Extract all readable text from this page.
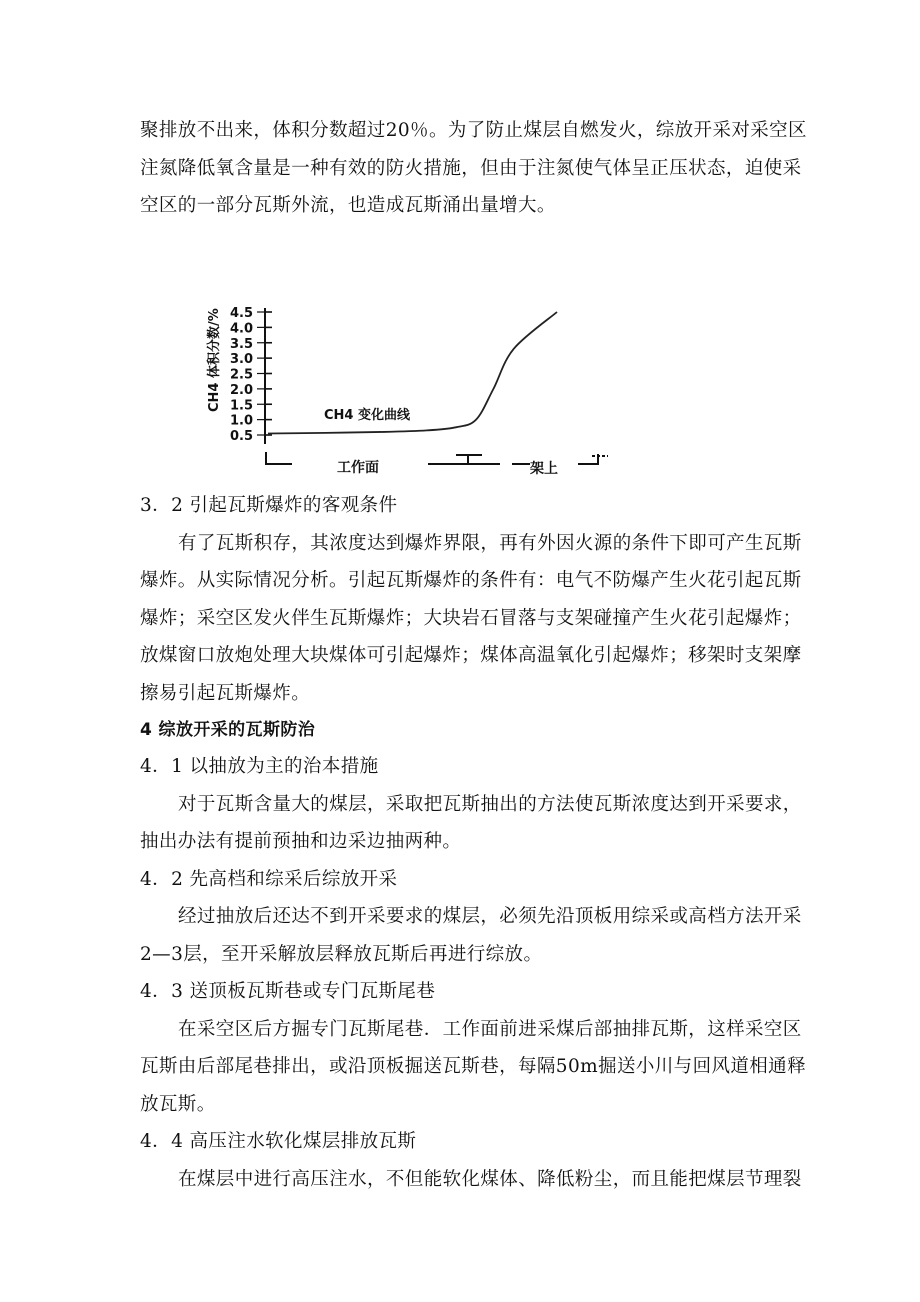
聚排放不出来，体积分数超过20％。为了防止煤层自燃发火，综放开采对采空区
注氮降低氧含量是一种有效的防火措施，但由于注氮使气体呈正压状态，迫使采
空区的一部分瓦斯外流，也造成瓦斯涌出量增大。
4.5
4.0
3.5
3.0
2.5
2.0
1.5
1.0
0.5
CH4 体积分数/%
CH4 变化曲线
工作面	架上
3．2 引起瓦斯爆炸的客观条件
有了瓦斯积存，其浓度达到爆炸界限，再有外因火源的条件下即可产生瓦斯
爆炸。从实际情况分析。引起瓦斯爆炸的条件有：电气不防爆产生火花引起瓦斯
爆炸；采空区发火伴生瓦斯爆炸；大块岩石冒落与支架碰撞产生火花引起爆炸；
放煤窗口放炮处理大块煤体可引起爆炸；煤体高温氧化引起爆炸；移架时支架摩
擦易引起瓦斯爆炸。
4 综放开采的瓦斯防治
4．1 以抽放为主的治本措施
对于瓦斯含量大的煤层，采取把瓦斯抽出的方法使瓦斯浓度达到开采要求，
抽出办法有提前预抽和边采边抽两种。
4．2 先高档和综采后综放开采
经过抽放后还达不到开采要求的煤层，必须先沿顶板用综采或高档方法开采
2—3层，至开采解放层释放瓦斯后再进行综放。
4．3 送顶板瓦斯巷或专门瓦斯尾巷
在采空区后方掘专门瓦斯尾巷．工作面前进采煤后部抽排瓦斯，这样采空区
瓦斯由后部尾巷排出，或沿顶板掘送瓦斯巷，每隔50m掘送小川与回风道相通释
放瓦斯。
4．4 高压注水软化煤层排放瓦斯
在煤层中进行高压注水，不但能软化煤体、降低粉尘，而且能把煤层节理裂
